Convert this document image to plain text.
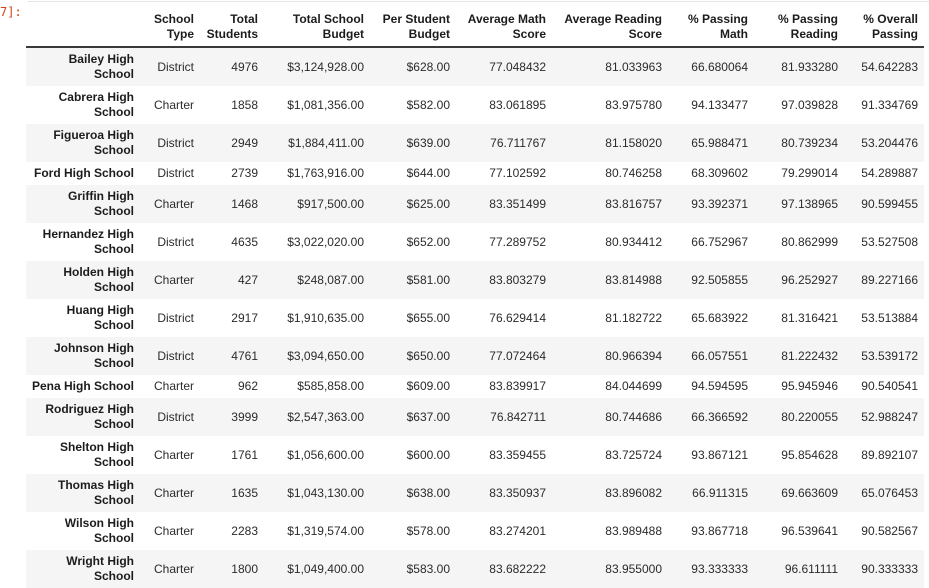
7]:
		School Type	Total Students	Total School Budget	Per Student Budget	Average Math Score	Average Reading Score	% Passing Math	% Passing Reading	% Overall Passing
Bailey High School	District	4976	$3,124,928.00	$628.00	77.048432	81.033963	66.680064	81.933280	54.642283
Cabrera High School	Charter	1858	$1,081,356.00	$582.00	83.061895	83.975780	94.133477	97.039828	91.334769
Figueroa High School	District	2949	$1,884,411.00	$639.00	76.711767	81.158020	65.988471	80.739234	53.204476
Ford High School	District	2739	$1,763,916.00	$644.00	77.102592	80.746258	68.309602	79.299014	54.289887
Griffin High School	Charter	1468	$917,500.00	$625.00	83.351499	83.816757	93.392371	97.138965	90.599455
Hernandez High School	District	4635	$3,022,020.00	$652.00	77.289752	80.934412	66.752967	80.862999	53.527508
Holden High School	Charter	427	$248,087.00	$581.00	83.803279	83.814988	92.505855	96.252927	89.227166
Huang High School	District	2917	$1,910,635.00	$655.00	76.629414	81.182722	65.683922	81.316421	53.513884
Johnson High School	District	4761	$3,094,650.00	$650.00	77.072464	80.966394	66.057551	81.222432	53.539172
Pena High School	Charter	962	$585,858.00	$609.00	83.839917	84.044699	94.594595	95.945946	90.540541
Rodriguez High School	District	3999	$2,547,363.00	$637.00	76.842711	80.744686	66.366592	80.220055	52.988247
Shelton High School	Charter	1761	$1,056,600.00	$600.00	83.359455	83.725724	93.867121	95.854628	89.892107
Thomas High School	Charter	1635	$1,043,130.00	$638.00	83.350937	83.896082	66.911315	69.663609	65.076453
Wilson High School	Charter	2283	$1,319,574.00	$578.00	83.274201	83.989488	93.867718	96.539641	90.582567
Wright High School	Charter	1800	$1,049,400.00	$583.00	83.682222	83.955000	93.333333	96.611111	90.333333
